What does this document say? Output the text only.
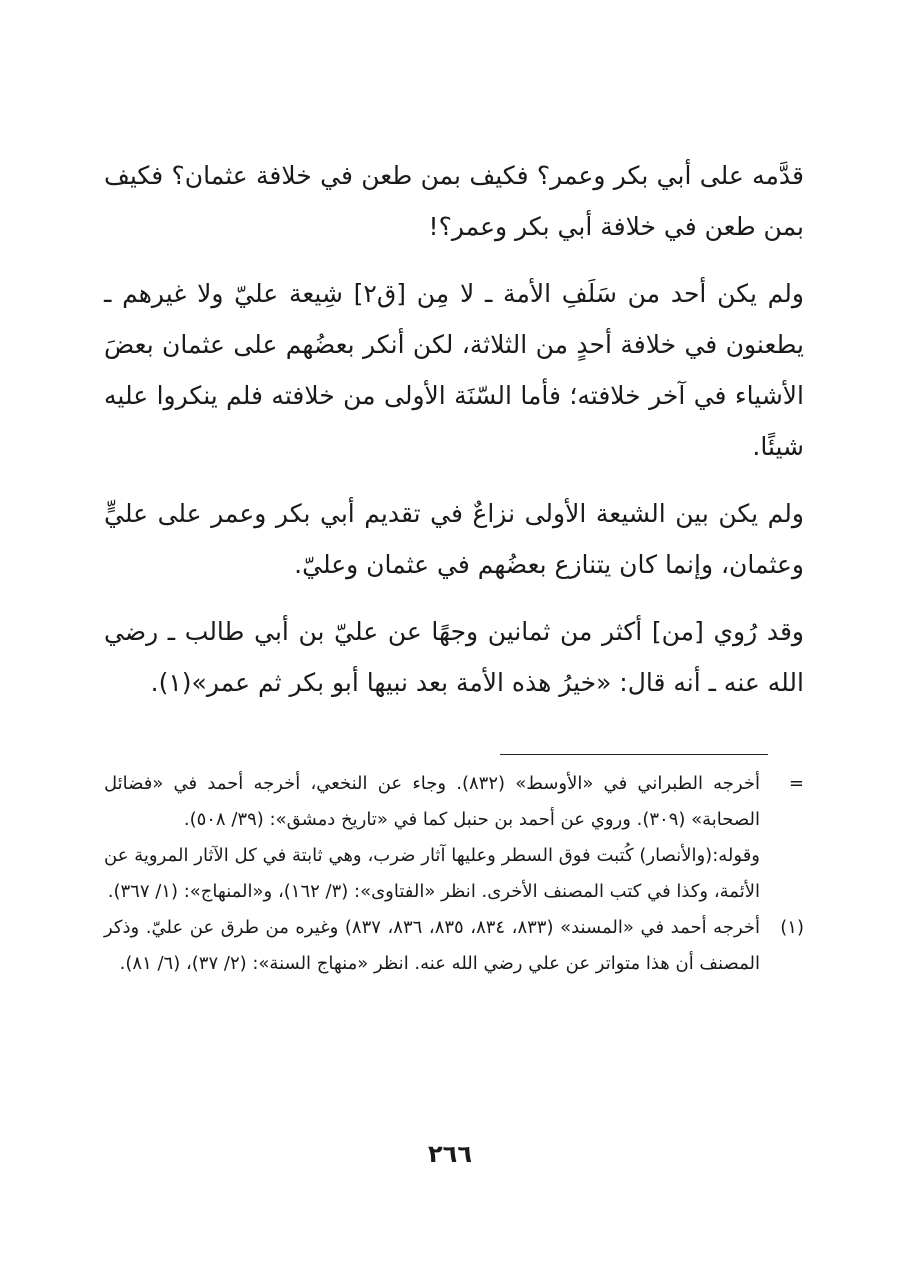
قدَّمه على أبي بكر وعمر؟ فكيف بمن طعن في خلافة عثمان؟ فكيف بمن طعن في خلافة أبي بكر وعمر؟!

ولم يكن أحد من سَلَفِ الأمة ـ لا مِن [ق٢] شِيعة عليّ ولا غيرهم ـ يطعنون في خلافة أحدٍ من الثلاثة، لكن أنكر بعضُهم على عثمان بعضَ الأشياء في آخر خلافته؛ فأما السّنَة الأولى من خلافته فلم ينكروا عليه شيئًا.

ولم يكن بين الشيعة الأولى نزاعٌ في تقديم أبي بكر وعمر على عليٍّ وعثمان، وإنما كان يتنازع بعضُهم في عثمان وعليّ.

وقد رُوي [من] أكثر من ثمانين وجهًا عن عليّ بن أبي طالب ـ رضي الله عنه ـ أنه قال: «خيرُ هذه الأمة بعد نبيها أبو بكر ثم عمر»(١).

=

أخرجه الطبراني في «الأوسط» (٨٣٢). وجاء عن النخعي، أخرجه أحمد في «فضائل الصحابة» (٣٠٩). وروي عن أحمد بن حنبل كما في «تاريخ دمشق»: (٣٩/ ٥٠٨).

وقوله:(والأنصار) كُتبت فوق السطر وعليها آثار ضرب، وهي ثابتة في كل الآثار المروية عن الأئمة، وكذا في كتب المصنف الأخرى. انظر «الفتاوى»: (٣/ ١٦٢)، و«المنهاج»: (١/ ٣٦٧).

(١)

أخرجه أحمد في «المسند» (٨٣٣، ٨٣٤، ٨٣٥، ٨٣٦، ٨٣٧) وغيره من طرق عن عليّ. وذكر المصنف أن هذا متواتر عن علي رضي الله عنه. انظر «منهاج السنة»: (٢/ ٣٧)، (٦/ ٨١).

٢٦٦
